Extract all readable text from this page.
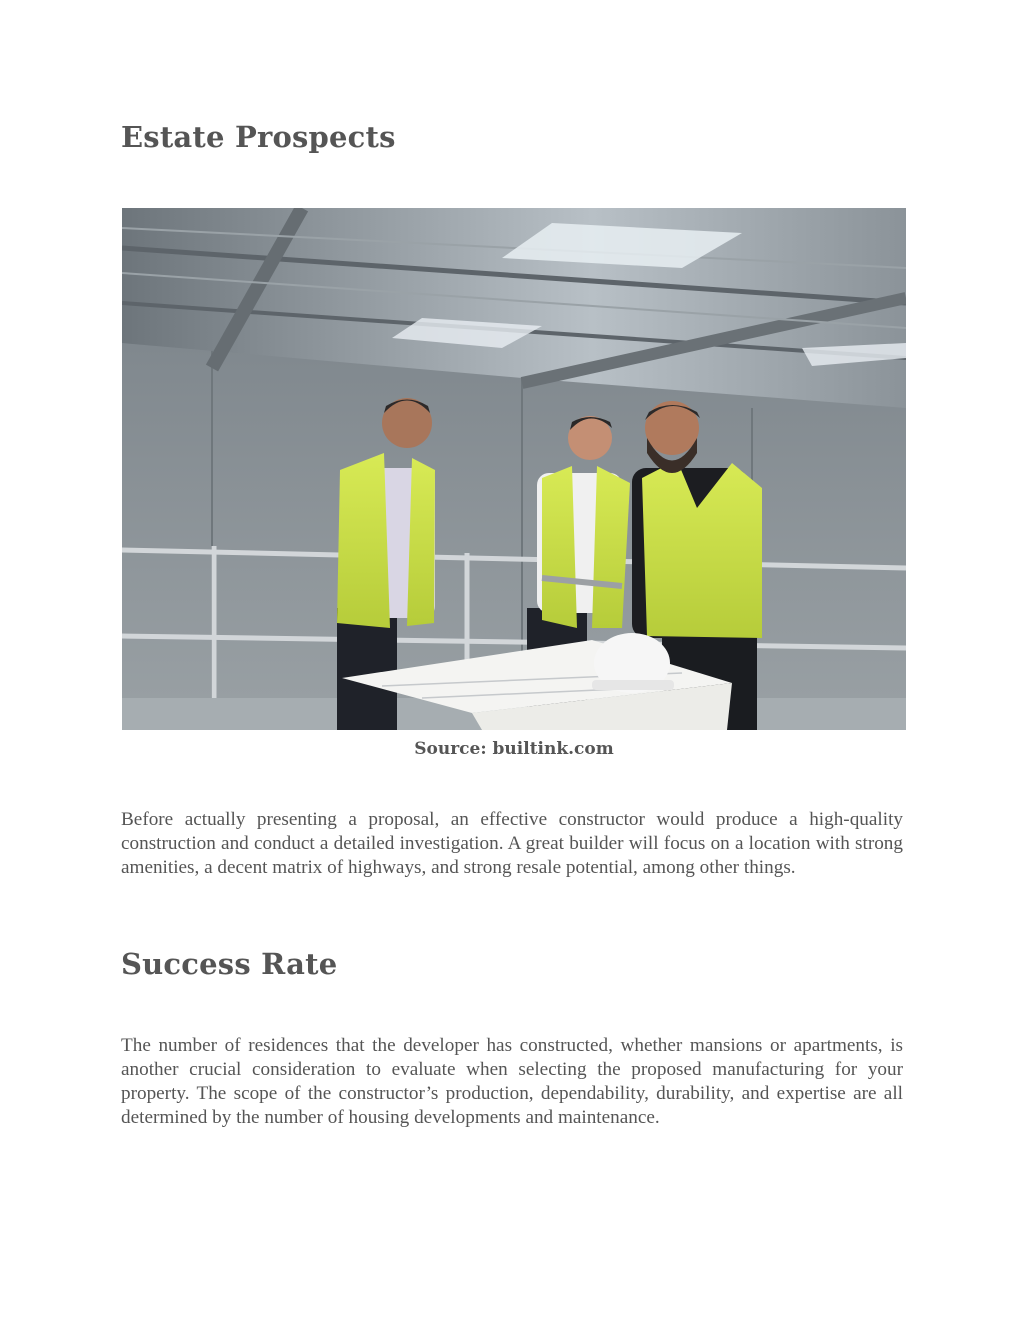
Estate Prospects
Source: builtink.com

Before actually presenting a proposal, an effective constructor would produce a high-quality construction and conduct a detailed investigation. A great builder will focus on a location with strong amenities, a decent matrix of highways, and strong resale potential, among other things.

Success Rate

The number of residences that the developer has constructed, whether mansions or apartments, is another crucial consideration to evaluate when selecting the proposed manufacturing for your property. The scope of the constructor’s production, dependability, durability, and expertise are all determined by the number of housing developments and maintenance.
